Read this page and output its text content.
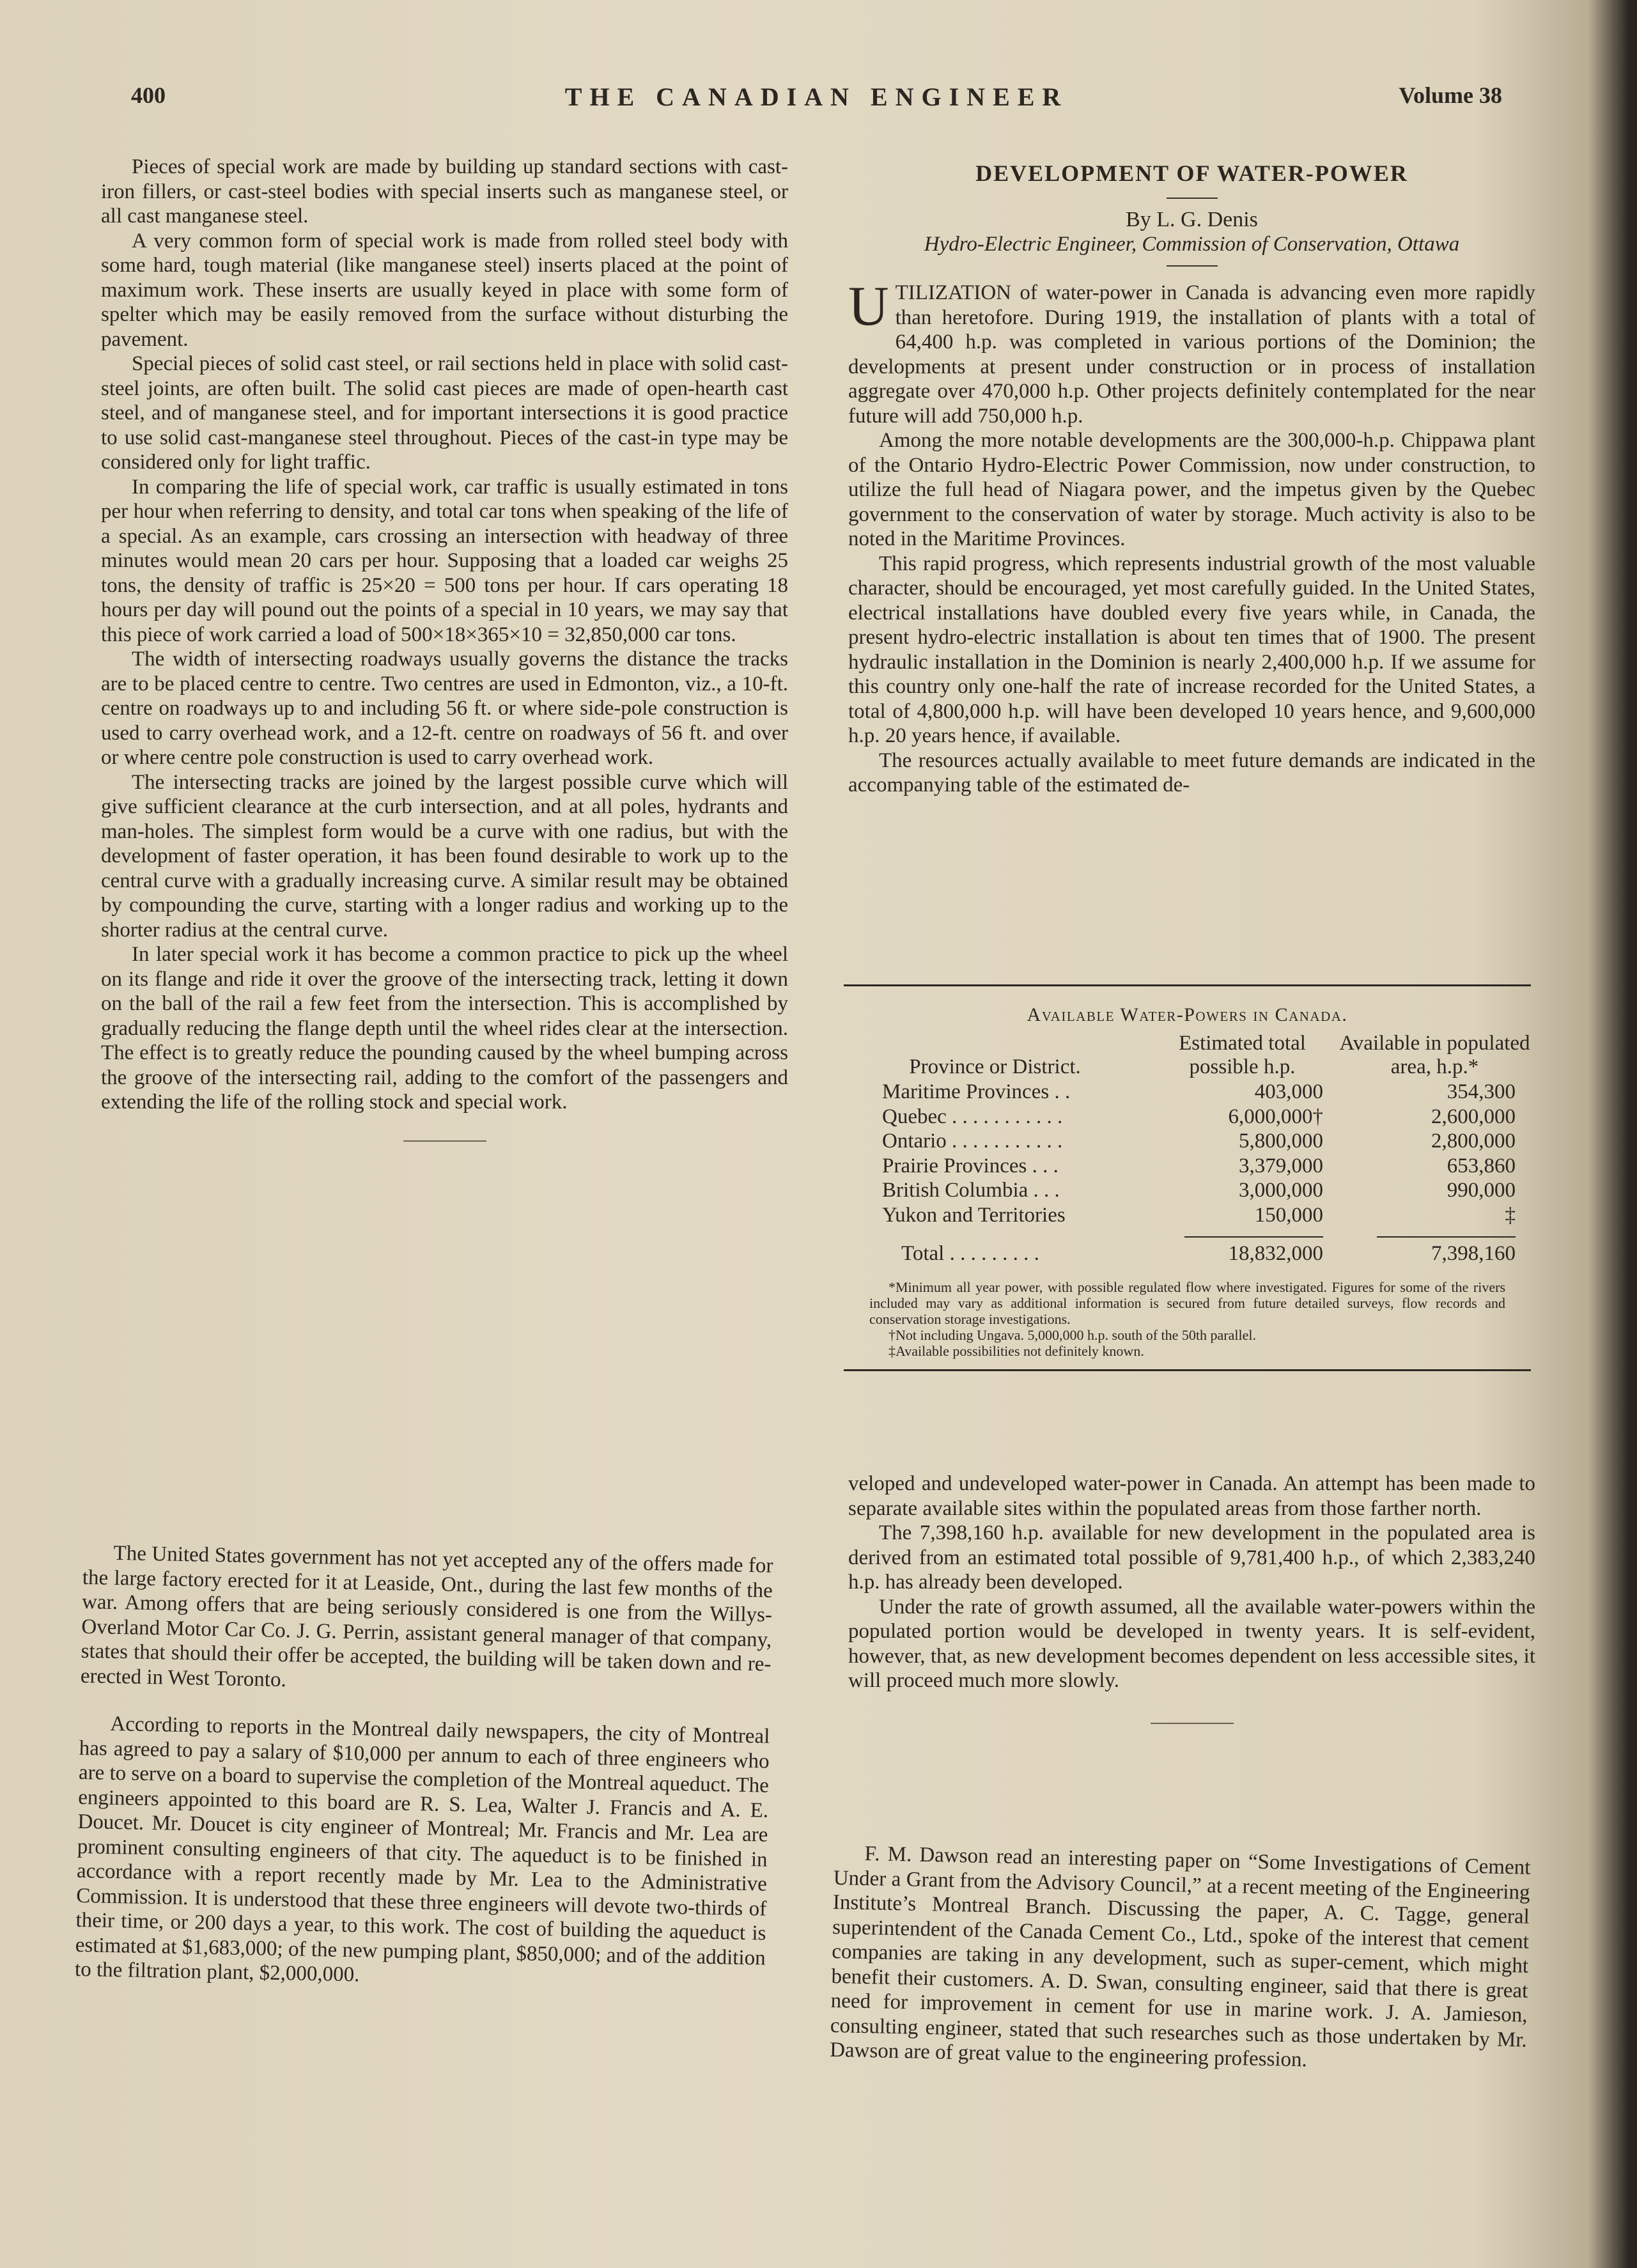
400	THE CANADIAN ENGINEER	Volume 38

Pieces of special work are made by building up standard sections with cast-iron fillers, or cast-steel bodies with special inserts such as manganese steel, or all cast manganese steel.

A very common form of special work is made from rolled steel body with some hard, tough material (like manganese steel) inserts placed at the point of maximum work. These inserts are usually keyed in place with some form of spelter which may be easily removed from the surface without disturbing the pavement.

Special pieces of solid cast steel, or rail sections held in place with solid cast-steel joints, are often built. The solid cast pieces are made of open-hearth cast steel, and of manganese steel, and for important intersections it is good practice to use solid cast-manganese steel throughout. Pieces of the cast-in type may be considered only for light traffic.

In comparing the life of special work, car traffic is usually estimated in tons per hour when referring to density, and total car tons when speaking of the life of a special. As an example, cars crossing an intersection with headway of three minutes would mean 20 cars per hour. Supposing that a loaded car weighs 25 tons, the density of traffic is 25×20 = 500 tons per hour. If cars operating 18 hours per day will pound out the points of a special in 10 years, we may say that this piece of work carried a load of 500×18×365×10 = 32,850,000 car tons.

The width of intersecting roadways usually governs the distance the tracks are to be placed centre to centre. Two centres are used in Edmonton, viz., a 10-ft. centre on roadways up to and including 56 ft. or where side-pole construction is used to carry overhead work, and a 12-ft. centre on roadways of 56 ft. and over or where centre pole construction is used to carry overhead work.

The intersecting tracks are joined by the largest possible curve which will give sufficient clearance at the curb intersection, and at all poles, hydrants and man-holes. The simplest form would be a curve with one radius, but with the development of faster operation, it has been found desirable to work up to the central curve with a gradually increasing curve. A similar result may be obtained by compounding the curve, starting with a longer radius and working up to the shorter radius at the central curve.

In later special work it has become a common practice to pick up the wheel on its flange and ride it over the groove of the intersecting track, letting it down on the ball of the rail a few feet from the intersection. This is accomplished by gradually reducing the flange depth until the wheel rides clear at the intersection. The effect is to greatly reduce the pounding caused by the wheel bumping across the groove of the intersecting rail, adding to the comfort of the passengers and extending the life of the rolling stock and special work.

The United States government has not yet accepted any of the offers made for the large factory erected for it at Leaside, Ont., during the last few months of the war. Among offers that are being seriously considered is one from the Willys-Overland Motor Car Co. J. G. Perrin, assistant general manager of that company, states that should their offer be accepted, the building will be taken down and re-erected in West Toronto.

According to reports in the Montreal daily newspapers, the city of Montreal has agreed to pay a salary of $10,000 per annum to each of three engineers who are to serve on a board to supervise the completion of the Montreal aqueduct. The engineers appointed to this board are R. S. Lea, Walter J. Francis and A. E. Doucet. Mr. Doucet is city engineer of Montreal; Mr. Francis and Mr. Lea are prominent consulting engineers of that city. The aqueduct is to be finished in accordance with a report recently made by Mr. Lea to the Administrative Commission. It is understood that these three engineers will devote two-thirds of their time, or 200 days a year, to this work. The cost of building the aqueduct is estimated at $1,683,000; of the new pumping plant, $850,000; and of the addition to the filtration plant, $2,000,000.

DEVELOPMENT OF WATER-POWER
By L. G. Denis
Hydro-Electric Engineer, Commission of Conservation, Ottawa

UTILIZATION of water-power in Canada is advancing even more rapidly than heretofore. During 1919, the installation of plants with a total of 64,400 h.p. was completed in various portions of the Dominion; the developments at present under construction or in process of installation aggregate over 470,000 h.p. Other projects definitely contemplated for the near future will add 750,000 h.p.

Among the more notable developments are the 300,000-h.p. Chippawa plant of the Ontario Hydro-Electric Power Commission, now under construction, to utilize the full head of Niagara power, and the impetus given by the Quebec government to the conservation of water by storage. Much activity is also to be noted in the Maritime Provinces.

This rapid progress, which represents industrial growth of the most valuable character, should be encouraged, yet most carefully guided. In the United States, electrical installations have doubled every five years while, in Canada, the present hydro-electric installation is about ten times that of 1900. The present hydraulic installation in the Dominion is nearly 2,400,000 h.p. If we assume for this country only one-half the rate of increase recorded for the United States, a total of 4,800,000 h.p. will have been developed 10 years hence, and 9,600,000 h.p. 20 years hence, if available.

The resources actually available to meet future demands are indicated in the accompanying table of the estimated de-

Available Water-Powers in Canada.
Province or District.	Estimated total possible h.p.	Available in populated area, h.p.*
Maritime Provinces . .	403,000	354,300
Quebec . . . . . . . . . . .	6,000,000†	2,600,000
Ontario . . . . . . . . . . .	5,800,000	2,800,000
Prairie Provinces . . .	3,379,000	653,860
British Columbia . . .	3,000,000	990,000
Yukon and Territories	150,000	‡

Total . . . . . . . . .	18,832,000	7,398,160
*Minimum all year power, with possible regulated flow where investigated. Figures for some of the rivers included may vary as additional information is secured from future detailed surveys, flow records and conservation storage investigations.
†Not including Ungava. 5,000,000 h.p. south of the 50th parallel.
‡Available possibilities not definitely known.

veloped and undeveloped water-power in Canada. An attempt has been made to separate available sites within the populated areas from those farther north.

The 7,398,160 h.p. available for new development in the populated area is derived from an estimated total possible of 9,781,400 h.p., of which 2,383,240 h.p. has already been developed.

Under the rate of growth assumed, all the available water-powers within the populated portion would be developed in twenty years. It is self-evident, however, that, as new development becomes dependent on less accessible sites, it will proceed much more slowly.

F. M. Dawson read an interesting paper on “Some Investigations of Cement Under a Grant from the Advisory Council,” at a recent meeting of the Engineering Institute’s Montreal Branch. Discussing the paper, A. C. Tagge, general superintendent of the Canada Cement Co., Ltd., spoke of the interest that cement companies are taking in any development, such as super-cement, which might benefit their customers. A. D. Swan, consulting engineer, said that there is great need for improvement in cement for use in marine work. J. A. Jamieson, consulting engineer, stated that such researches such as those undertaken by Mr. Dawson are of great value to the engineering profession.
